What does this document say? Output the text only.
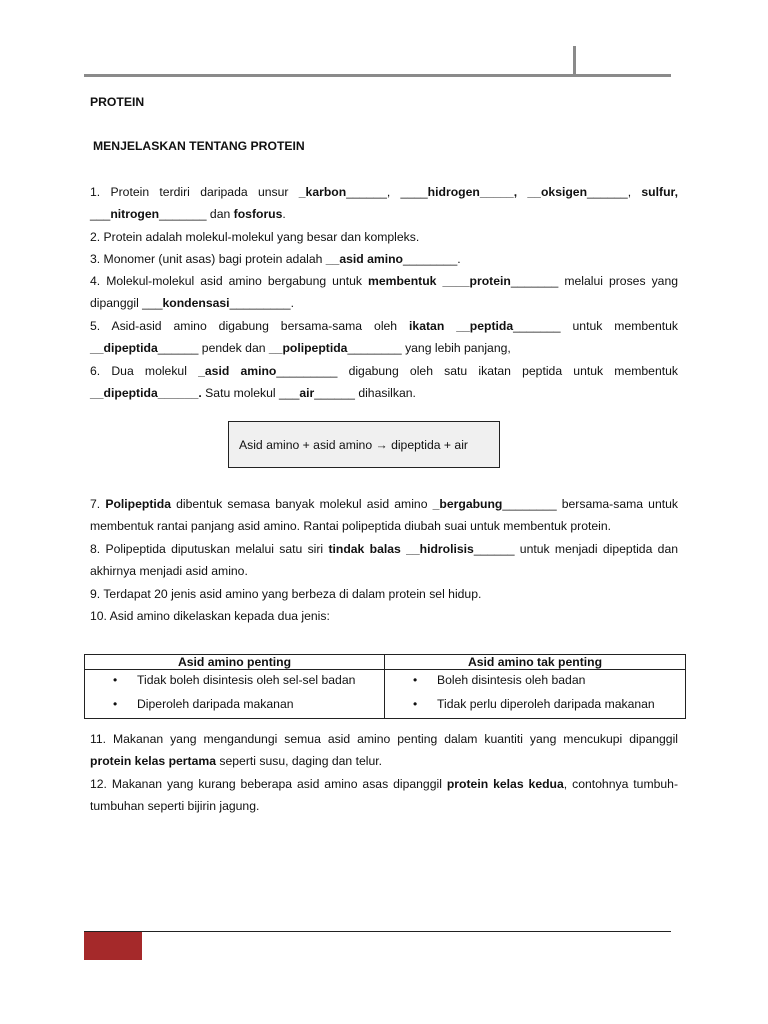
PROTEIN
MENJELASKAN TENTANG PROTEIN
1. Protein terdiri daripada unsur _karbon______, ____hidrogen_____, __oksigen______, sulfur, ___nitrogen_______ dan fosforus.
2. Protein adalah molekul-molekul yang besar dan kompleks.
3. Monomer (unit asas) bagi protein adalah __asid amino________.
4. Molekul-molekul asid amino bergabung untuk membentuk ____protein_______ melalui proses yang dipanggil ___kondensasi_________.
5. Asid-asid amino digabung bersama-sama oleh ikatan __peptida_______ untuk membentuk __dipeptida______ pendek dan __polipeptida________ yang lebih panjang,
6. Dua molekul _asid amino_________ digabung oleh satu ikatan peptida untuk membentuk __dipeptida______. Satu molekul ___air______ dihasilkan.
Asid amino + asid amino → dipeptida + air
7. Polipeptida dibentuk semasa banyak molekul asid amino _bergabung________ bersama-sama untuk membentuk rantai panjang asid amino. Rantai polipeptida diubah suai untuk membentuk protein.
8. Polipeptida diputuskan melalui satu siri tindak balas __hidrolisis______ untuk menjadi dipeptida dan akhirnya menjadi asid amino.
9. Terdapat 20 jenis asid amino yang berbeza di dalam protein sel hidup.
10. Asid amino dikelaskan kepada dua jenis:
Asid amino penting	Asid amino tak penting

• Tidak boleh disintesis oleh sel-sel badan	• Boleh disintesis oleh badan

• Diperoleh daripada makanan	• Tidak perlu diperoleh daripada makanan
11. Makanan yang mengandungi semua asid amino penting dalam kuantiti yang mencukupi dipanggil protein kelas pertama seperti susu, daging dan telur.
12. Makanan yang kurang beberapa asid amino asas dipanggil protein kelas kedua, contohnya tumbuh-tumbuhan seperti bijirin jagung.
